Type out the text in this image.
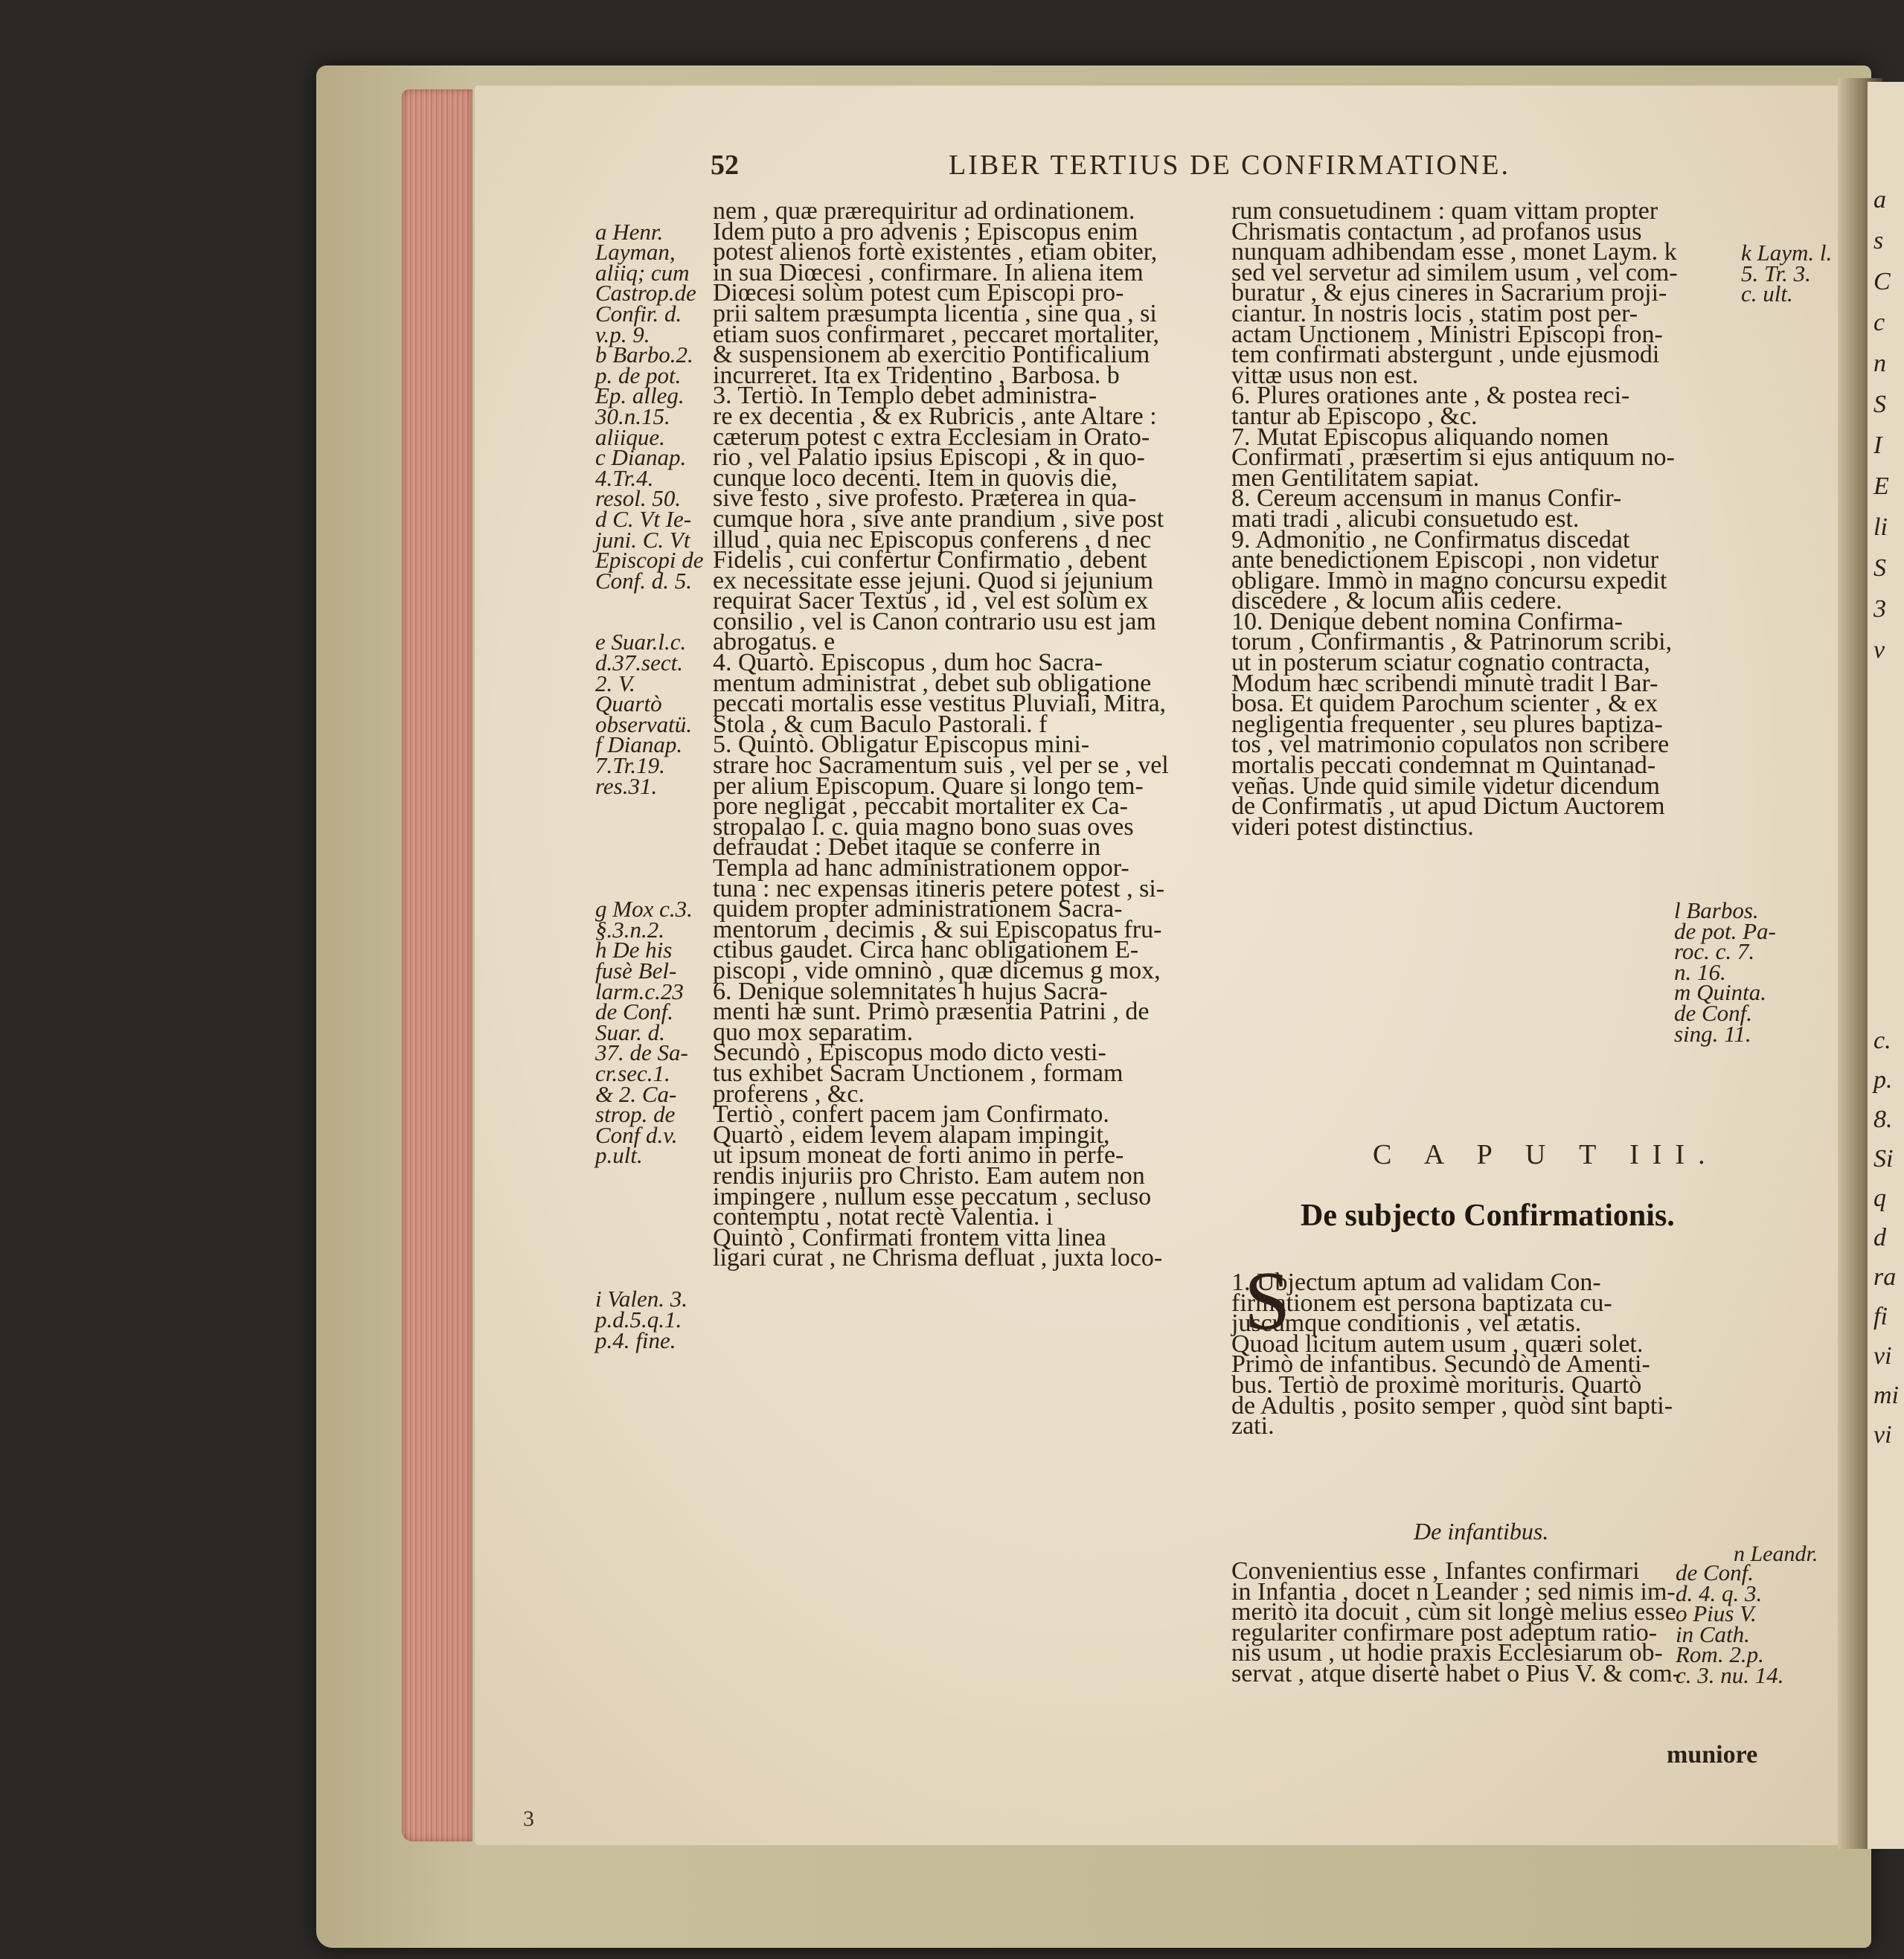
a
s
C
c
n
S
I
E
li
S
3
v
c.
p.
8.
Si
q
d
ra
fi
vi
mi
vi
52	LIBER TERTIUS DE CONFIRMATIONE.
a Henr.
Layman,
aliiq; cum
Castrop.de
Confir. d.
v.p. 9.
b Barbo.2.
p. de pot.
Ep. alleg.
30.n.15.
aliique.
c Dianap.
4.Tr.4.
resol. 50.
d C. Vt Ie-
juni. C. Vt
Episcopi de
Conf. d. 5.
e Suar.l.c.
d.37.sect.
2. V.
Quartò
observatü.
f Dianap.
7.Tr.19.
res.31.
g Mox c.3.
§.3.n.2.
h De his
fusè Bel-
larm.c.23
de Conf.
Suar. d.
37. de Sa-
cr.sec.1.
& 2. Ca-
strop. de
Conf d.v.
p.ult.
i Valen. 3.
p.d.5.q.1.
p.4. fine.
nem , quæ prærequiritur ad ordinationem.
Idem puto a pro advenis ; Episcopus enim
potest alienos fortè existentes , etiam obiter,
in sua Diœcesi , confirmare. In aliena item
Diœcesi solùm potest cum Episcopi pro-
prii saltem præsumpta licentia , sine qua , si
etiam suos confirmaret , peccaret mortaliter,
& suspensionem ab exercitio Pontificalium
incurreret. Ita ex Tridentino , Barbosa. b
3. Tertiò. In Templo debet administra-
re ex decentia , & ex Rubricis , ante Altare :
cæterum potest c extra Ecclesiam in Orato-
rio , vel Palatio ipsius Episcopi , & in quo-
cunque loco decenti. Item in quovis die,
sive festo , sive profesto. Præterea in qua-
cumque hora , sive ante prandium , sive post
illud , quia nec Episcopus conferens , d nec
Fidelis , cui confertur Confirmatio , debent
ex necessitate esse jejuni. Quod si jejunium
requirat Sacer Textus , id , vel est solùm ex
consilio , vel is Canon contrario usu est jam
abrogatus. e
4. Quartò. Episcopus , dum hoc Sacra-
mentum administrat , debet sub obligatione
peccati mortalis esse vestitus Pluviali, Mitra,
Stola , & cum Baculo Pastorali. f
5. Quintò. Obligatur Episcopus mini-
strare hoc Sacramentum suis , vel per se , vel
per alium Episcopum. Quare si longo tem-
pore negligat , peccabit mortaliter ex Ca-
stropalao l. c. quia magno bono suas oves
defraudat : Debet itaque se conferre in
Templa ad hanc administrationem oppor-
tuna : nec expensas itineris petere potest , si-
quidem propter administrationem Sacra-
mentorum , decimis , & sui Episcopatus fru-
ctibus gaudet. Circa hanc obligationem E-
piscopi , vide omninò , quæ dicemus g mox,
6. Denique solemnitates h hujus Sacra-
menti hæ sunt. Primò præsentia Patrini , de
quo mox separatim.
Secundò , Episcopus modo dicto vesti-
tus exhibet Sacram Unctionem , formam
proferens , &c.
Tertiò , confert pacem jam Confirmato.
Quartò , eidem levem alapam impingit,
ut ipsum moneat de forti animo in perfe-
rendis injuriis pro Christo. Eam autem non
impingere , nullum esse peccatum , secluso
contemptu , notat rectè Valentia. i
Quintò , Confirmati frontem vitta linea
ligari curat , ne Chrisma defluat , juxta loco-
rum consuetudinem : quam vittam propter
Chrismatis contactum , ad profanos usus
nunquam adhibendam esse , monet Laym. k
sed vel servetur ad similem usum , vel com-
buratur , & ejus cineres in Sacrarium proji-
ciantur. In nostris locis , statim post per-
actam Unctionem , Ministri Episcopi fron-
tem confirmati abstergunt , unde ejusmodi
vittæ usus non est.
6. Plures orationes ante , & postea reci-
tantur ab Episcopo , &c.
7. Mutat Episcopus aliquando nomen
Confirmati , præsertim si ejus antiquum no-
men Gentilitatem sapiat.
8. Cereum accensum in manus Confir-
mati tradi , alicubi consuetudo est.
9. Admonitio , ne Confirmatus discedat
ante benedictionem Episcopi , non videtur
obligare. Immò in magno concursu expedit
discedere , & locum aliis cedere.
10. Denique debent nomina Confirma-
torum , Confirmantis , & Patrinorum scribi,
ut in posterum sciatur cognatio contracta,
Modum hæc scribendi minutè tradit l Bar-
bosa. Et quidem Parochum scienter , & ex
negligentia frequenter , seu plures baptiza-
tos , vel matrimonio copulatos non scribere
mortalis peccati condemnat m Quintanad-
veñas. Unde quid simile videtur dicendum
de Confirmatis , ut apud Dictum Auctorem
videri potest distinctius.
k Laym. l.
5. Tr. 3.
c. ult.
l Barbos.
de pot. Pa-
roc. c. 7.
n. 16.
m Quinta.
de Conf.
sing. 11.
C A P U T III.
De subjecto Confirmationis.
S
1. Ubjectum aptum ad validam Con-
firmationem est persona baptizata cu-
juscumque conditionis , vel ætatis.
Quoad licitum autem usum , quæri solet.
Primò de infantibus. Secundò de Amenti-
bus. Tertiò de proximè morituris. Quartò
de Adultis , posito semper , quòd sint bapti-
zati.
De infantibus.
n Leandr.
Convenientius esse , Infantes confirmari
in Infantia , docet n Leander ; sed nimis im-
meritò ita docuit , cùm sit longè melius esse
regulariter confirmare post adeptum ratio-
nis usum , ut hodie praxis Ecclesiarum ob-
servat , atque disertè habet o Pius V. & com-
de Conf.
d. 4. q. 3.
o Pius V.
in Cath.
Rom. 2.p.
c. 3. nu. 14.
muniore
3
